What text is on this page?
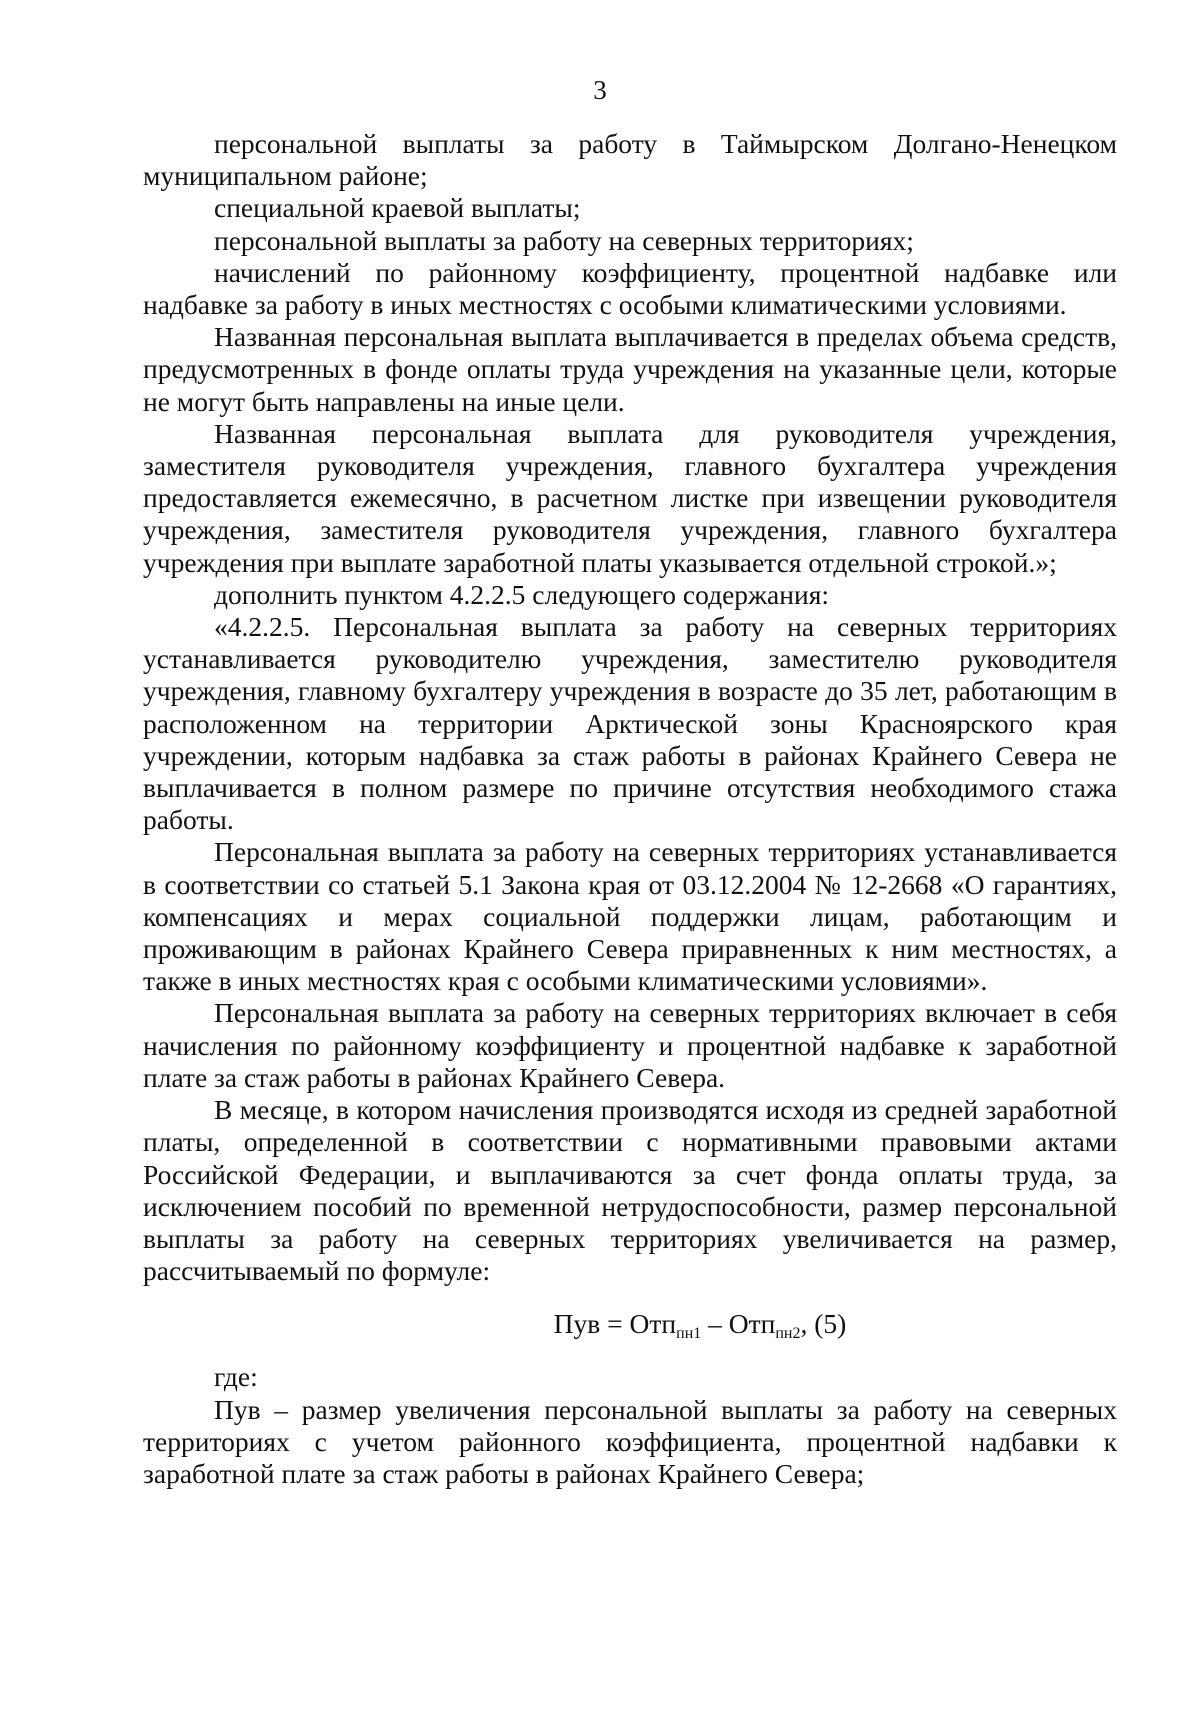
3

персональной выплаты за работу в Таймырском Долгано-Ненецком муниципальном районе;

специальной краевой выплаты;

персональной выплаты за работу на северных территориях;

начислений по районному коэффициенту, процентной надбавке или надбавке за работу в иных местностях с особыми климатическими условиями.

Названная персональная выплата выплачивается в пределах объема средств, предусмотренных в фонде оплаты труда учреждения на указанные цели, которые не могут быть направлены на иные цели.

Названная персональная выплата для руководителя учреждения, заместителя руководителя учреждения, главного бухгалтера учреждения предоставляется ежемесячно, в расчетном листке при извещении руководителя учреждения, заместителя руководителя учреждения, главного бухгалтера учреждения при выплате заработной платы указывается отдельной строкой.»;

дополнить пунктом 4.2.2.5 следующего содержания:

«4.2.2.5. Персональная выплата за работу на северных территориях устанавливается руководителю учреждения, заместителю руководителя учреждения, главному бухгалтеру учреждения в возрасте до 35 лет, работающим в расположенном на территории Арктической зоны Красноярского края учреждении, которым надбавка за стаж работы в районах Крайнего Севера не выплачивается в полном размере по причине отсутствия необходимого стажа работы.

Персональная выплата за работу на северных территориях устанавливается в соответствии со статьей 5.1 Закона края от 03.12.2004 № 12-2668 «О гарантиях, компенсациях и мерах социальной поддержки лицам, работающим и проживающим в районах Крайнего Севера приравненных к ним местностях, а также в иных местностях края с особыми климатическими условиями».

Персональная выплата за работу на северных территориях включает в себя начисления по районному коэффициенту и процентной надбавке к заработной плате за стаж работы в районах Крайнего Севера.

В месяце, в котором начисления производятся исходя из средней заработной платы, определенной в соответствии с нормативными правовыми актами Российской Федерации, и выплачиваются за счет фонда оплаты труда, за исключением пособий по временной нетрудоспособности, размер персональной выплаты за работу на северных территориях увеличивается на размер, рассчитываемый по формуле:

Пув = Отп$_{пн1}$ – Отп$_{пн2}$, (5)

где:

Пув – размер увеличения персональной выплаты за работу на северных территориях с учетом районного коэффициента, процентной надбавки к заработной плате за стаж работы в районах Крайнего Севера;
